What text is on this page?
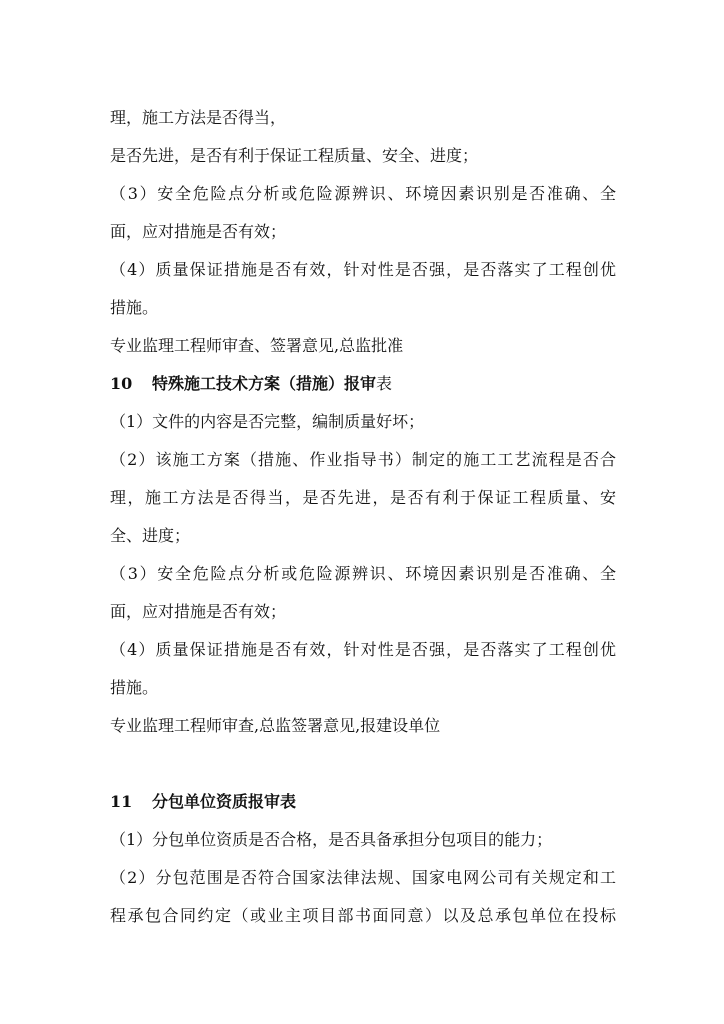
理，施工方法是否得当，
是否先进，是否有利于保证工程质量、安全、进度；
（3）安全危险点分析或危险源辨识、环境因素识别是否准确、全
面，应对措施是否有效；
（4）质量保证措施是否有效，针对性是否强，是否落实了工程创优
措施。
专业监理工程师审查、签署意见,总监批准
10 特殊施工技术方案（措施）报审表
（1）文件的内容是否完整，编制质量好坏；
（2）该施工方案（措施、作业指导书）制定的施工工艺流程是否合
理，施工方法是否得当，是否先进，是否有利于保证工程质量、安
全、进度；
（3）安全危险点分析或危险源辨识、环境因素识别是否准确、全
面，应对措施是否有效；
（4）质量保证措施是否有效，针对性是否强，是否落实了工程创优
措施。
专业监理工程师审查,总监签署意见,报建设单位
11 分包单位资质报审表
（1）分包单位资质是否合格，是否具备承担分包项目的能力；
（2）分包范围是否符合国家法律法规、国家电网公司有关规定和工
程承包合同约定（或业主项目部书面同意）以及总承包单位在投标
